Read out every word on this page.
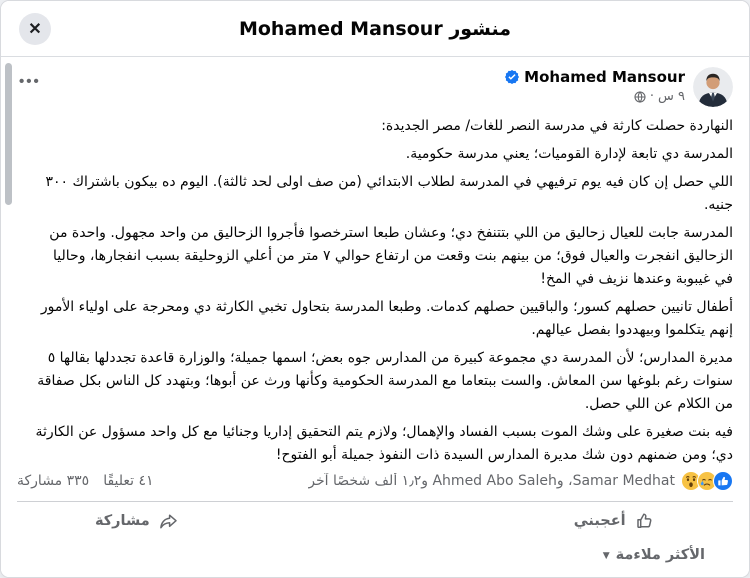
منشور Mohamed Mansour
✕
Mohamed Mansour
٩ س
·
•••

النهاردة حصلت كارثة في مدرسة النصر للغات/ مصر الجديدة:

المدرسة دي تابعة لإدارة القوميات؛ يعني مدرسة حكومية.

اللي حصل إن كان فيه يوم ترفيهي في المدرسة لطلاب الابتدائي (من صف اولى لحد ثالثة). اليوم ده بيكون باشتراك ٣٠٠ جنيه.

المدرسة جابت للعيال زحاليق من اللي بتتنفخ دي؛ وعشان طبعا استرخصوا فأجروا الزحاليق من واحد مجهول. واحدة من الزحاليق انفجرت والعيال فوق؛ من بينهم بنت وقعت من ارتفاع حوالي ٧ متر من أعلي الزوحليقة بسبب انفجارها، وحاليا في غيبوبة وعندها نزيف في المخ!

أطفال تانيين حصلهم كسور؛ والباقيين حصلهم كدمات. وطبعا المدرسة بتحاول تخبي الكارثة دي ومحرجة على اولياء الأمور إنهم يتكلموا وبيهددوا بفصل عيالهم.

مديرة المدارس؛ لأن المدرسة دي مجموعة كبيرة من المدارس جوه بعض؛ اسمها جميلة؛ والوزارة قاعدة تجددلها بقالها ٥ سنوات رغم بلوغها سن المعاش. والست ببتعاما مع المدرسة الحكومية وكأنها ورث عن أبوها؛ وبتهدد كل الناس بكل صفاقة من الكلام عن اللي حصل.

فيه بنت صغيرة على وشك الموت بسبب الفساد والإهمال؛ ولازم يتم التحقيق إداريا وجنائيا مع كل واحد مسؤول عن الكارثة دي؛ ومن ضمنهم دون شك مديرة المدارس السيدة ذات النفوذ جميلة أبو الفتوح!

Samar Medhat، وAhmed Abo Saleh و١٫٢ ألف شخصًا آخر
٤١ تعليقًا
٣٣٥ مشاركة
أعجبني
مشاركة
الأكثر ملاءمة
▼
